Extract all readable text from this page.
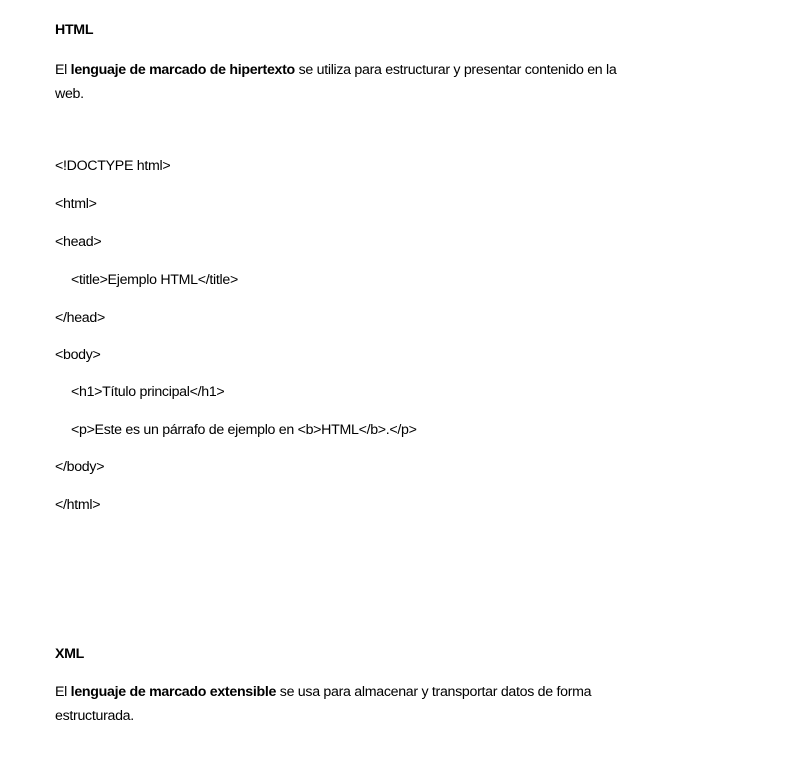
HTML
El lenguaje de marcado de hipertexto se utiliza para estructurar y presentar contenido en la
web.
<!DOCTYPE html>
<html>
<head>
<title>Ejemplo HTML</title>
</head>
<body>
<h1>Título principal</h1>
<p>Este es un párrafo de ejemplo en <b>HTML</b>.</p>
</body>
</html>
XML
El lenguaje de marcado extensible se usa para almacenar y transportar datos de forma
estructurada.
